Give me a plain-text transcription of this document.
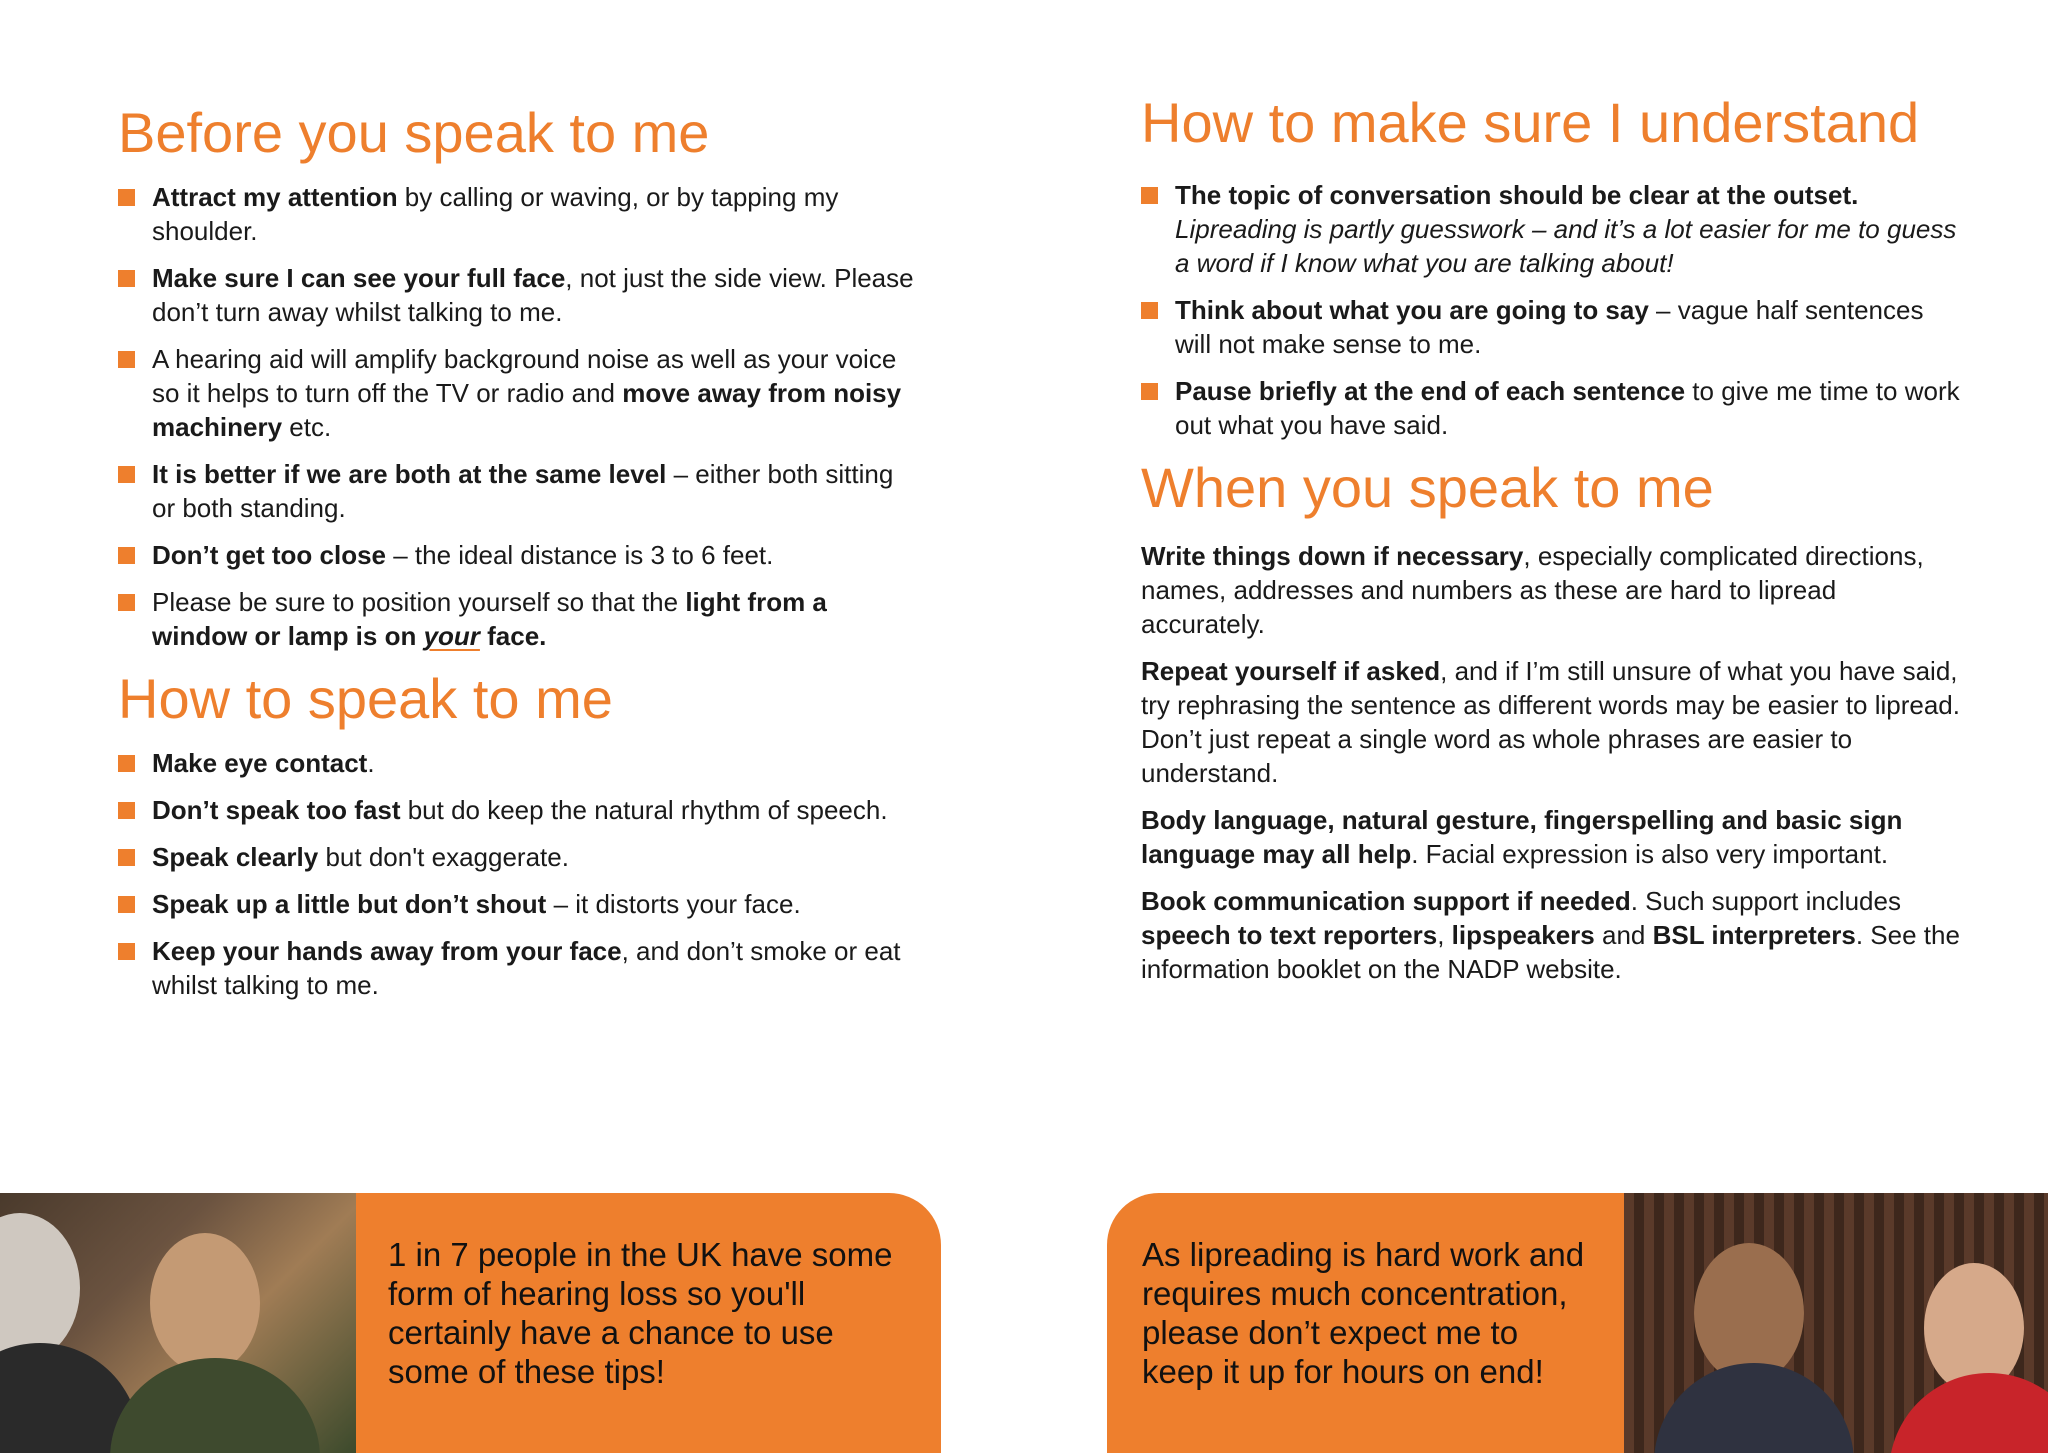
Before you speak to me
Attract my attention by calling or waving, or by tapping my shoulder.
Make sure I can see your full face, not just the side view. Please don’t turn away whilst talking to me.
A hearing aid will amplify background noise as well as your voice so it helps to turn off the TV or radio and move away from noisy machinery etc.
It is better if we are both at the same level – either both sitting or both standing.
Don’t get too close – the ideal distance is 3 to 6 feet.
Please be sure to position yourself so that the light from a window or lamp is on your face.
How to speak to me
Make eye contact.
Don’t speak too fast but do keep the natural rhythm of speech.
Speak clearly but don't exaggerate.
Speak up a little but don’t shout – it distorts your face.
Keep your hands away from your face, and don’t smoke or eat whilst talking to me.
How to make sure I understand
The topic of conversation should be clear at the outset.
Lipreading is partly guesswork – and it’s a lot easier for me to guess a word if I know what you are talking about!
Think about what you are going to say – vague half sentences will not make sense to me.
Pause briefly at the end of each sentence to give me time to work out what you have said.
When you speak to me

Write things down if necessary, especially complicated directions, names, addresses and numbers as these are hard to lipread accurately.

Repeat yourself if asked, and if I’m still unsure of what you have said, try rephrasing the sentence as different words may be easier to lipread. Don’t just repeat a single word as whole phrases are easier to understand.

Body language, natural gesture, fingerspelling and basic sign language may all help. Facial expression is also very important.

Book communication support if needed. Such support includes speech to text reporters, lipspeakers and BSL interpreters. See the information booklet on the NADP website.

1 in 7 people in the UK have some form of hearing loss so you'll certainly have a chance to use some of these tips!
As lipreading is hard work and requires much concentration, please don’t expect me to keep it up for hours on end!
